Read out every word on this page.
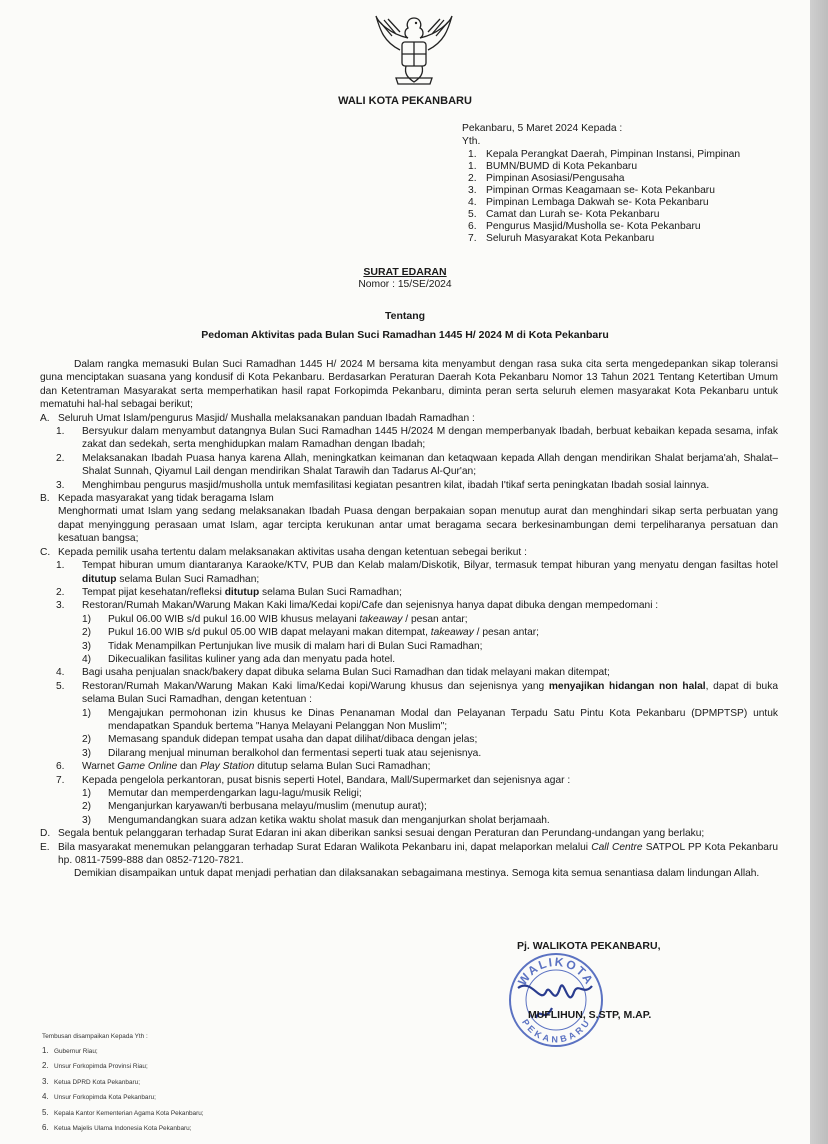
WALI KOTA PEKANBARU
Pekanbaru, 5 Maret 2024 Kepada :
Yth.
1. Kepala Perangkat Daerah, Pimpinan Instansi, Pimpinan
1. BUMN/BUMD di Kota Pekanbaru
2. Pimpinan Asosiasi/Pengusaha
3. Pimpinan Ormas Keagamaan se- Kota Pekanbaru
4. Pimpinan Lembaga Dakwah se- Kota Pekanbaru
5. Camat dan Lurah se- Kota Pekanbaru
6. Pengurus Masjid/Musholla se- Kota Pekanbaru
7. Seluruh Masyarakat Kota Pekanbaru
SURAT EDARAN
Nomor : 15/SE/2024
Tentang
Pedoman Aktivitas pada Bulan Suci Ramadhan 1445 H/ 2024 M di Kota Pekanbaru

Dalam rangka memasuki Bulan Suci Ramadhan 1445 H/ 2024 M bersama kita menyambut dengan rasa suka cita serta mengedepankan sikap toleransi guna menciptakan suasana yang kondusif di Kota Pekanbaru. Berdasarkan Peraturan Daerah Kota Pekanbaru Nomor 13 Tahun 2021 Tentang Ketertiban Umum dan Ketentraman Masyarakat serta memperhatikan hasil rapat Forkopimda Pekanbaru, diminta peran serta seluruh elemen masyarakat Kota Pekanbaru untuk mematuhi hal-hal sebagai berikut;

A. Seluruh Umat Islam/pengurus Masjid/ Mushalla melaksanakan panduan Ibadah Ramadhan :
1.	Bersyukur dalam menyambut datangnya Bulan Suci Ramadhan 1445 H/2024 M dengan memperbanyak Ibadah, berbuat kebaikan kepada sesama, infak zakat dan sedekah, serta menghidupkan malam Ramadhan dengan Ibadah;
2.	Melaksanakan Ibadah Puasa hanya karena Allah, meningkatkan keimanan dan ketaqwaan kepada Allah dengan mendirikan Shalat berjama'ah, Shalat–Shalat Sunnah, Qiyamul Lail dengan mendirikan Shalat Tarawih dan Tadarus Al-Qur'an;
3.	Menghimbau pengurus masjid/musholla untuk memfasilitasi kegiatan pesantren kilat, ibadah I'tikaf serta peningkatan Ibadah sosial lainnya.
B. Kepada masyarakat yang tidak beragama Islam

Menghormati umat Islam yang sedang melaksanakan Ibadah Puasa dengan berpakaian sopan menutup aurat dan menghindari sikap serta perbuatan yang dapat menyinggung perasaan umat Islam, agar tercipta kerukunan antar umat beragama secara berkesinambungan demi terpeliharanya persatuan dan kesatuan bangsa;

C. Kepada pemilik usaha tertentu dalam melaksanakan aktivitas usaha dengan ketentuan sebegai berikut :
1.	Tempat hiburan umum diantaranya Karaoke/KTV, PUB dan Kelab malam/Diskotik, Bilyar, termasuk tempat hiburan yang menyatu dengan fasiltas hotel ditutup selama Bulan Suci Ramadhan;
2.	Tempat pijat kesehatan/refleksi ditutup selama Bulan Suci Ramadhan;
3.	Restoran/Rumah Makan/Warung Makan Kaki lima/Kedai kopi/Cafe dan sejenisnya hanya dapat dibuka dengan mempedomani :
1)	Pukul 06.00 WIB s/d pukul 16.00 WIB khusus melayani takeaway / pesan antar;
2)	Pukul 16.00 WIB s/d pukul 05.00 WIB dapat melayani makan ditempat, takeaway / pesan antar;
3)	Tidak Menampilkan Pertunjukan live musik di malam hari di Bulan Suci Ramadhan;
4)	Dikecualikan fasilitas kuliner yang ada dan menyatu pada hotel.
4.	Bagi usaha penjualan snack/bakery dapat dibuka selama Bulan Suci Ramadhan dan tidak melayani makan ditempat;
5.	Restoran/Rumah Makan/Warung Makan Kaki lima/Kedai kopi/Warung khusus dan sejenisnya yang menyajikan hidangan non halal, dapat di buka selama Bulan Suci Ramadhan, dengan ketentuan :
1)	Mengajukan permohonan izin khusus ke Dinas Penanaman Modal dan Pelayanan Terpadu Satu Pintu Kota Pekanbaru (DPMPTSP) untuk mendapatkan Spanduk bertema "Hanya Melayani Pelanggan Non Muslim";
2)	Memasang spanduk didepan tempat usaha dan dapat dilihat/dibaca dengan jelas;
3)	Dilarang menjual minuman beralkohol dan fermentasi seperti tuak atau sejenisnya.
6.	Warnet Game Online dan Play Station ditutup selama Bulan Suci Ramadhan;
7.	Kepada pengelola perkantoran, pusat bisnis seperti Hotel, Bandara, Mall/Supermarket dan sejenisnya agar :
1)	Memutar dan memperdengarkan lagu-lagu/musik Religi;
2)	Menganjurkan karyawan/ti berbusana melayu/muslim (menutup aurat);
3)	Mengumandangkan suara adzan ketika waktu sholat masuk dan menganjurkan sholat berjamaah.
D. Segala bentuk pelanggaran terhadap Surat Edaran ini akan diberikan sanksi sesuai dengan Peraturan dan Perundang-undangan yang berlaku;
E. Bila masyarakat menemukan pelanggaran terhadap Surat Edaran Walikota Pekanbaru ini, dapat melaporkan melalui Call Centre SATPOL PP Kota Pekanbaru hp. 0811-7599-888 dan 0852-7120-7821.

Demikian disampaikan untuk dapat menjadi perhatian dan dilaksanakan sebagaimana mestinya. Semoga kita semua senantiasa dalam lindungan Allah.

Pj. WALIKOTA PEKANBARU,
WALIKOTA
PEKANBARU
MUFLIHUN, S.STP, M.AP.
Tembusan disampaikan Kepada Yth :
1. Gubernur Riau;
2. Unsur Forkopimda Provinsi Riau;
3. Ketua DPRD Kota Pekanbaru;
4. Unsur Forkopimda Kota Pekanbaru;
5. Kepala Kantor Kementerian Agama Kota Pekanbaru;
6. Ketua Majelis Ulama Indonesia Kota Pekanbaru;
